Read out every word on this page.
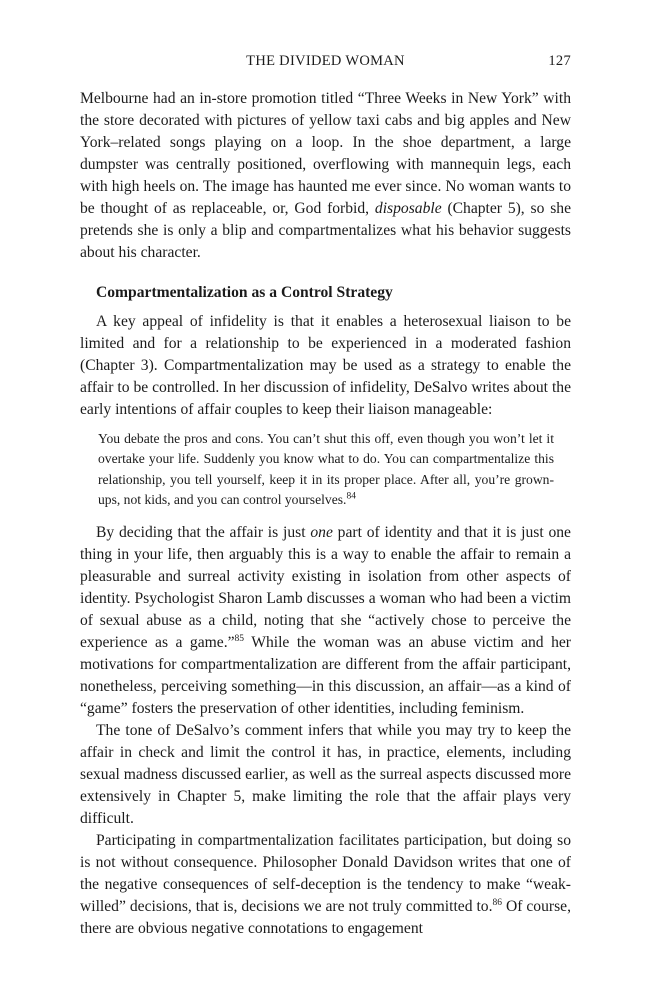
THE DIVIDED WOMAN	127

Melbourne had an in-store promotion titled “Three Weeks in New York” with the store decorated with pictures of yellow taxi cabs and big apples and New York–related songs playing on a loop. In the shoe department, a large dumpster was centrally positioned, overflowing with mannequin legs, each with high heels on. The image has haunted me ever since. No woman wants to be thought of as replaceable, or, God forbid, disposable (Chapter 5), so she pretends she is only a blip and compartmentalizes what his behavior suggests about his character.

Compartmentalization as a Control Strategy

A key appeal of infidelity is that it enables a heterosexual liaison to be limited and for a relationship to be experienced in a moderated fashion (Chapter 3). Compartmentalization may be used as a strategy to enable the affair to be controlled. In her discussion of infidelity, DeSalvo writes about the early intentions of affair couples to keep their liaison manageable:

You debate the pros and cons. You can’t shut this off, even though you won’t let it overtake your life. Suddenly you know what to do. You can compartmentalize this relationship, you tell yourself, keep it in its proper place. After all, you’re grown-ups, not kids, and you can control yourselves.$^{84}$

By deciding that the affair is just one part of identity and that it is just one thing in your life, then arguably this is a way to enable the affair to remain a pleasurable and surreal activity existing in isolation from other aspects of identity. Psychologist Sharon Lamb discusses a woman who had been a victim of sexual abuse as a child, noting that she “actively chose to perceive the experience as a game.”$^{85}$ While the woman was an abuse victim and her motivations for compartmentalization are different from the affair participant, nonetheless, perceiving something—in this discussion, an affair—as a kind of “game” fosters the preservation of other identities, including feminism.

The tone of DeSalvo’s comment infers that while you may try to keep the affair in check and limit the control it has, in practice, elements, including sexual madness discussed earlier, as well as the surreal aspects discussed more extensively in Chapter 5, make limiting the role that the affair plays very difficult.

Participating in compartmentalization facilitates participation, but doing so is not without consequence. Philosopher Donald Davidson writes that one of the negative consequences of self-deception is the tendency to make “weak-willed” decisions, that is, decisions we are not truly committed to.$^{86}$ Of course, there are obvious negative connotations to engagement
